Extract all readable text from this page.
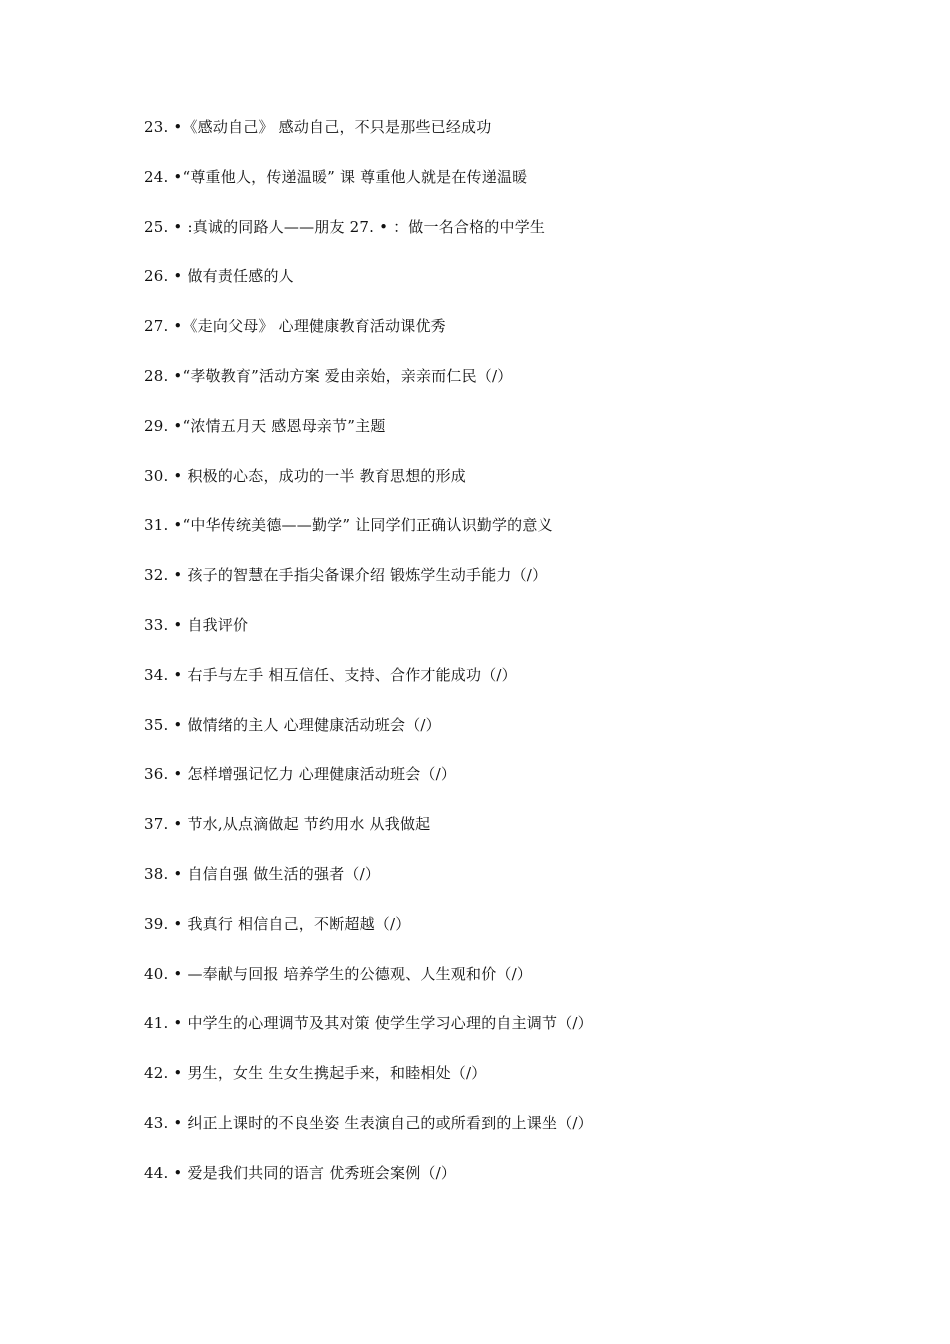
23. •《感动自己》 感动自己，不只是那些已经成功
24. •“尊重他人，传递温暖” 课 尊重他人就是在传递温暖
25. • :真诚的同路人——朋友 27. • ：做一名合格的中学生
26. • 做有责任感的人
27. •《走向父母》 心理健康教育活动课优秀
28. •“孝敬教育”活动方案 爱由亲始，亲亲而仁民（/）
29. •“浓情五月天 感恩母亲节”主题
30. • 积极的心态，成功的一半 教育思想的形成
31. •“中华传统美德——勤学” 让同学们正确认识勤学的意义
32. • 孩子的智慧在手指尖备课介绍 锻炼学生动手能力（/）
33. • 自我评价
34. • 右手与左手 相互信任、支持、合作才能成功（/）
35. • 做情绪的主人 心理健康活动班会（/）
36. • 怎样增强记忆力 心理健康活动班会（/）
37. • 节水,从点滴做起 节约用水 从我做起
38. • 自信自强 做生活的强者（/）
39. • 我真行 相信自己，不断超越（/）
40. • —奉献与回报 培养学生的公德观、人生观和价（/）
41. • 中学生的心理调节及其对策 使学生学习心理的自主调节（/）
42. • 男生，女生 生女生携起手来，和睦相处（/）
43. • 纠正上课时的不良坐姿 生表演自己的或所看到的上课坐（/）
44. • 爱是我们共同的语言 优秀班会案例（/）
